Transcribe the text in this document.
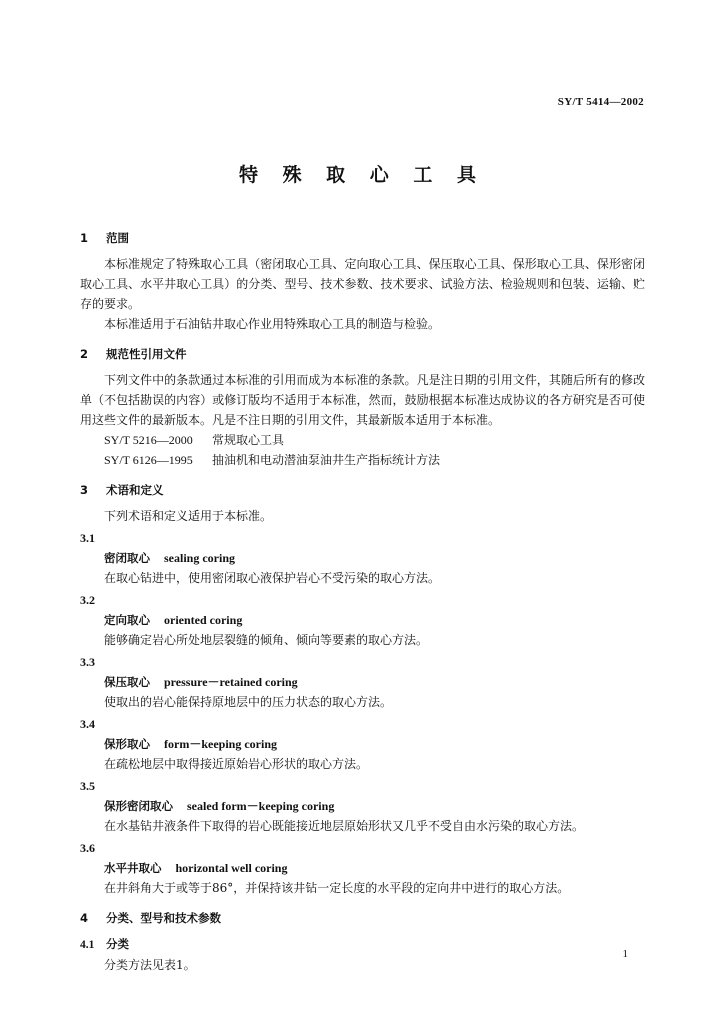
SY/T 5414—2002
特 殊 取 心 工 具
1 范围
本标准规定了特殊取心工具（密闭取心工具、定向取心工具、保压取心工具、保形取心工具、保形密闭取心工具、水平井取心工具）的分类、型号、技术参数、技术要求、试验方法、检验规则和包装、运输、贮存的要求。
本标准适用于石油钻井取心作业用特殊取心工具的制造与检验。
2 规范性引用文件
下列文件中的条款通过本标准的引用而成为本标准的条款。凡是注日期的引用文件，其随后所有的修改单（不包括勘误的内容）或修订版均不适用于本标准，然而，鼓励根据本标准达成协议的各方研究是否可使用这些文件的最新版本。凡是不注日期的引用文件，其最新版本适用于本标准。
SY/T 5216—2000 常规取心工具
SY/T 6126—1995 抽油机和电动潜油泵油井生产指标统计方法
3 术语和定义
下列术语和定义适用于本标准。
3.1
密闭取心 sealing coring
在取心钻进中，使用密闭取心液保护岩心不受污染的取心方法。
3.2
定向取心 oriented coring
能够确定岩心所处地层裂缝的倾角、倾向等要素的取心方法。
3.3
保压取心 pressure－retained coring
使取出的岩心能保持原地层中的压力状态的取心方法。
3.4
保形取心 form－keeping coring
在疏松地层中取得接近原始岩心形状的取心方法。
3.5
保形密闭取心 sealed form－keeping coring
在水基钻井液条件下取得的岩心既能接近地层原始形状又几乎不受自由水污染的取心方法。
3.6
水平井取心 horizontal well coring
在井斜角大于或等于86°，并保持该井钻一定长度的水平段的定向井中进行的取心方法。
4 分类、型号和技术参数
4.1 分类
分类方法见表1。
1
